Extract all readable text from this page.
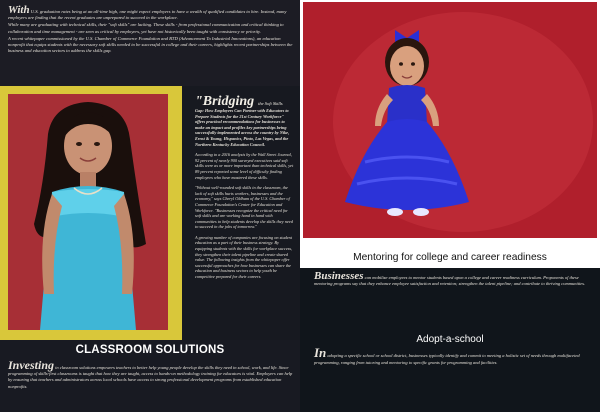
With U.S. graduation rates being at an all-time high, one might expect employers to have a wealth of qualified candidates to hire. Instead, many employers are finding that the recent graduates are unprepared to succeed in the workplace.

While many are graduating with technical skills, their "soft skills" are lacking. These skills - from professional communication and critical thinking to collaboration and time management - are seen as critical by employers, yet have not historically been taught with consistency or priority.

A recent whitepaper commissioned by the U.S. Chamber of Commerce Foundation and BTD (Advancement To Industrial Innovations), an education nonprofit that equips students with the necessary soft skills needed to be successful in college and their careers, highlights recent partnerships between the business and education sectors to address the skills gap.

"Bridging the Soft Skills

Gap: How Employers Can Partner with Educators to Prepare Students for the 21st Century Workforce" offers practical recommendations for businesses to make an impact and profiles key partnerships being successfully implemented across the country by Nike, Ernst & Young, Hispanics, Pinto, Las Vegas, and the Northern Kentucky Education Council.

According to a 2016 analysis by the Wall Street Journal, 92 percent of nearly 900 surveyed executives said soft skills were as or more important than technical skills, yet 89 percent reported some level of difficulty finding employees who have mastered these skills.

"Without well-rounded soft skills in the classroom, the lack of soft skills hurts workers, businesses and the economy," says Cheryl Oldham of the U.S. Chamber of Commerce Foundation's Center for Education and Workforce. "Businesses recognize the critical need for soft skills and are working hand in hand with communities to help students develop the skills they need to succeed in the jobs of tomorrow."

A growing number of companies are focusing on student education as a part of their business strategy. By equipping students with the skills for workplace success, they strengthen their talent pipeline and create shared value. The following insights from the whitepaper offer successful approaches for how businesses can share the education and business sectors to help youth be competitive prepared for their careers.

CLASSROOM SOLUTIONS
Investing in classroom solutions empowers teachers to better help young people develop the skills they need in school, work, and life. Since programming of skills-first classrooms is taught that how they are taught, access to hands-on methodology training for educators is vital. Employers can help by ensuring that teachers and administrators across local schools have access to strong professional development programs from established education nonprofits.
Mentoring for college and career readiness
Businesses can mobilize employees to mentor students based upon a college and career readiness curriculum. Proponents of these mentoring programs say that they enhance employee satisfaction and retention; strengthen the talent pipeline; and contribute to thriving communities.
Adopt-a-school
In adopting a specific school or school district, businesses typically identify and commit to meeting a holistic set of needs through multifaceted programming, ranging from tutoring and mentoring to specific grants for programming and facilities.
